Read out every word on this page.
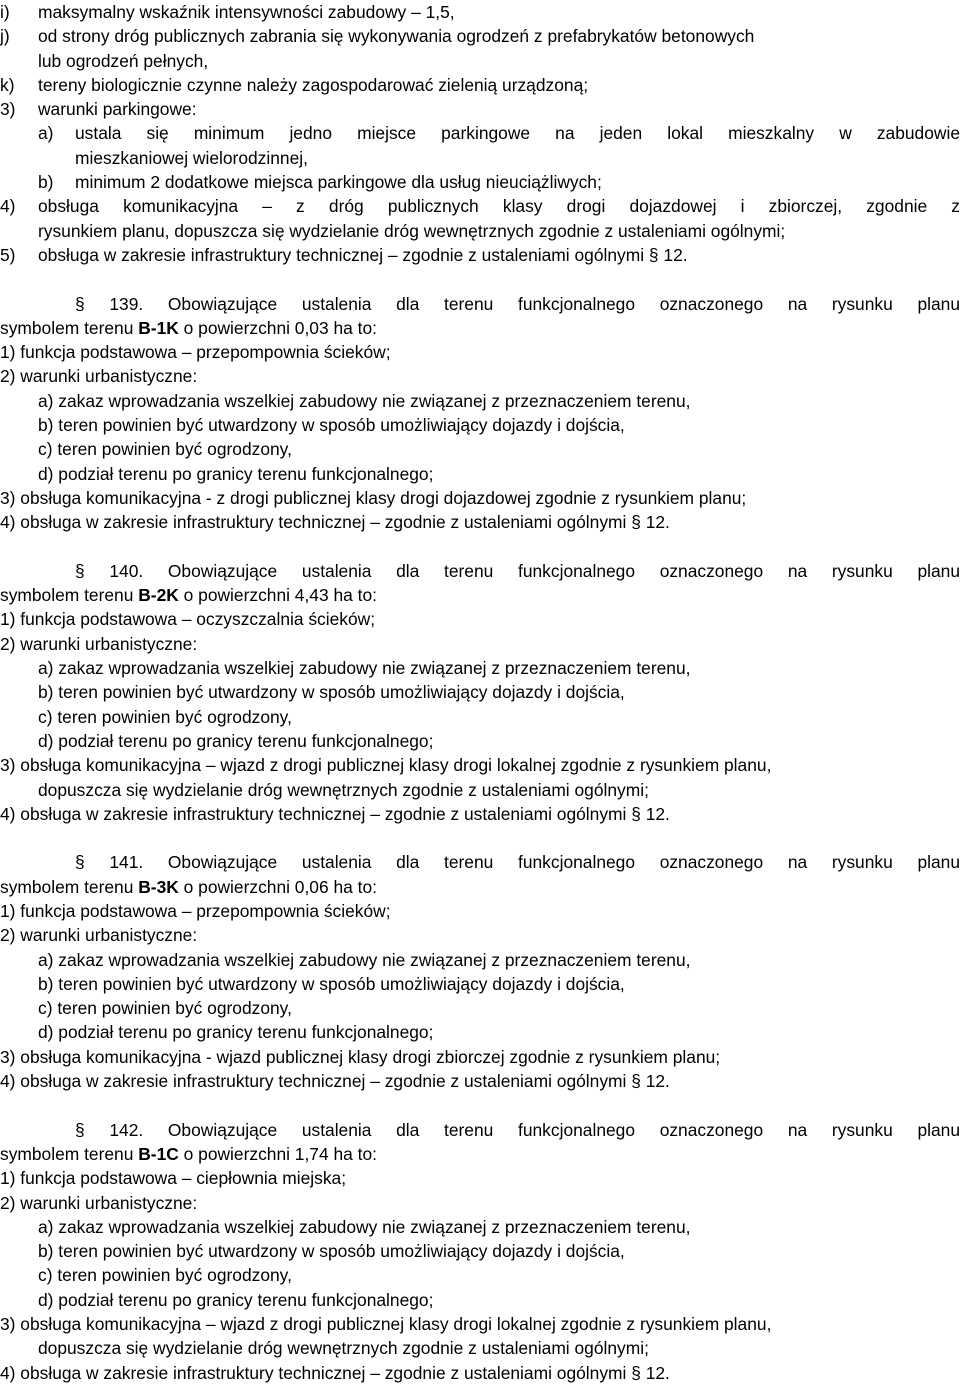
i) maksymalny wskaźnik intensywności zabudowy – 1,5,
j) od strony dróg publicznych zabrania się wykonywania ogrodzeń z prefabrykatów betonowych
lub ogrodzeń pełnych,
k) tereny biologicznie czynne należy zagospodarować zielenią urządzoną;
3) warunki parkingowe:
a) ustala się minimum jedno miejsce parkingowe na jeden lokal mieszkalny w zabudowie
mieszkaniowej wielorodzinnej,
b) minimum 2 dodatkowe miejsca parkingowe dla usług nieuciążliwych;
4) obsługa komunikacyjna – z dróg publicznych klasy drogi dojazdowej i zbiorczej, zgodnie z
rysunkiem planu, dopuszcza się wydzielanie dróg wewnętrznych zgodnie z ustaleniami ogólnymi;
5) obsługa w zakresie infrastruktury technicznej – zgodnie z ustaleniami ogólnymi § 12.
§ 139. Obowiązujące ustalenia dla terenu funkcjonalnego oznaczonego na rysunku planu
symbolem terenu B-1K o powierzchni 0,03 ha to:
1) funkcja podstawowa – przepompownia ścieków;
2) warunki urbanistyczne:
a) zakaz wprowadzania wszelkiej zabudowy nie związanej z przeznaczeniem terenu,
b) teren powinien być utwardzony w sposób umożliwiający dojazdy i dojścia,
c) teren powinien być ogrodzony,
d) podział terenu po granicy terenu funkcjonalnego;
3) obsługa komunikacyjna - z drogi publicznej klasy drogi dojazdowej zgodnie z rysunkiem planu;
4) obsługa w zakresie infrastruktury technicznej – zgodnie z ustaleniami ogólnymi § 12.
§ 140. Obowiązujące ustalenia dla terenu funkcjonalnego oznaczonego na rysunku planu
symbolem terenu B-2K o powierzchni 4,43 ha to:
1) funkcja podstawowa – oczyszczalnia ścieków;
2) warunki urbanistyczne:
a) zakaz wprowadzania wszelkiej zabudowy nie związanej z przeznaczeniem terenu,
b) teren powinien być utwardzony w sposób umożliwiający dojazdy i dojścia,
c) teren powinien być ogrodzony,
d) podział terenu po granicy terenu funkcjonalnego;
3) obsługa komunikacyjna – wjazd z drogi publicznej klasy drogi lokalnej zgodnie z rysunkiem planu,
dopuszcza się wydzielanie dróg wewnętrznych zgodnie z ustaleniami ogólnymi;
4) obsługa w zakresie infrastruktury technicznej – zgodnie z ustaleniami ogólnymi § 12.
§ 141. Obowiązujące ustalenia dla terenu funkcjonalnego oznaczonego na rysunku planu
symbolem terenu B-3K o powierzchni 0,06 ha to:
1) funkcja podstawowa – przepompownia ścieków;
2) warunki urbanistyczne:
a) zakaz wprowadzania wszelkiej zabudowy nie związanej z przeznaczeniem terenu,
b) teren powinien być utwardzony w sposób umożliwiający dojazdy i dojścia,
c) teren powinien być ogrodzony,
d) podział terenu po granicy terenu funkcjonalnego;
3) obsługa komunikacyjna - wjazd publicznej klasy drogi zbiorczej zgodnie z rysunkiem planu;
4) obsługa w zakresie infrastruktury technicznej – zgodnie z ustaleniami ogólnymi § 12.
§ 142. Obowiązujące ustalenia dla terenu funkcjonalnego oznaczonego na rysunku planu
symbolem terenu B-1C o powierzchni 1,74 ha to:
1) funkcja podstawowa – ciepłownia miejska;
2) warunki urbanistyczne:
a) zakaz wprowadzania wszelkiej zabudowy nie związanej z przeznaczeniem terenu,
b) teren powinien być utwardzony w sposób umożliwiający dojazdy i dojścia,
c) teren powinien być ogrodzony,
d) podział terenu po granicy terenu funkcjonalnego;
3) obsługa komunikacyjna – wjazd z drogi publicznej klasy drogi lokalnej zgodnie z rysunkiem planu,
dopuszcza się wydzielanie dróg wewnętrznych zgodnie z ustaleniami ogólnymi;
4) obsługa w zakresie infrastruktury technicznej – zgodnie z ustaleniami ogólnymi § 12.
